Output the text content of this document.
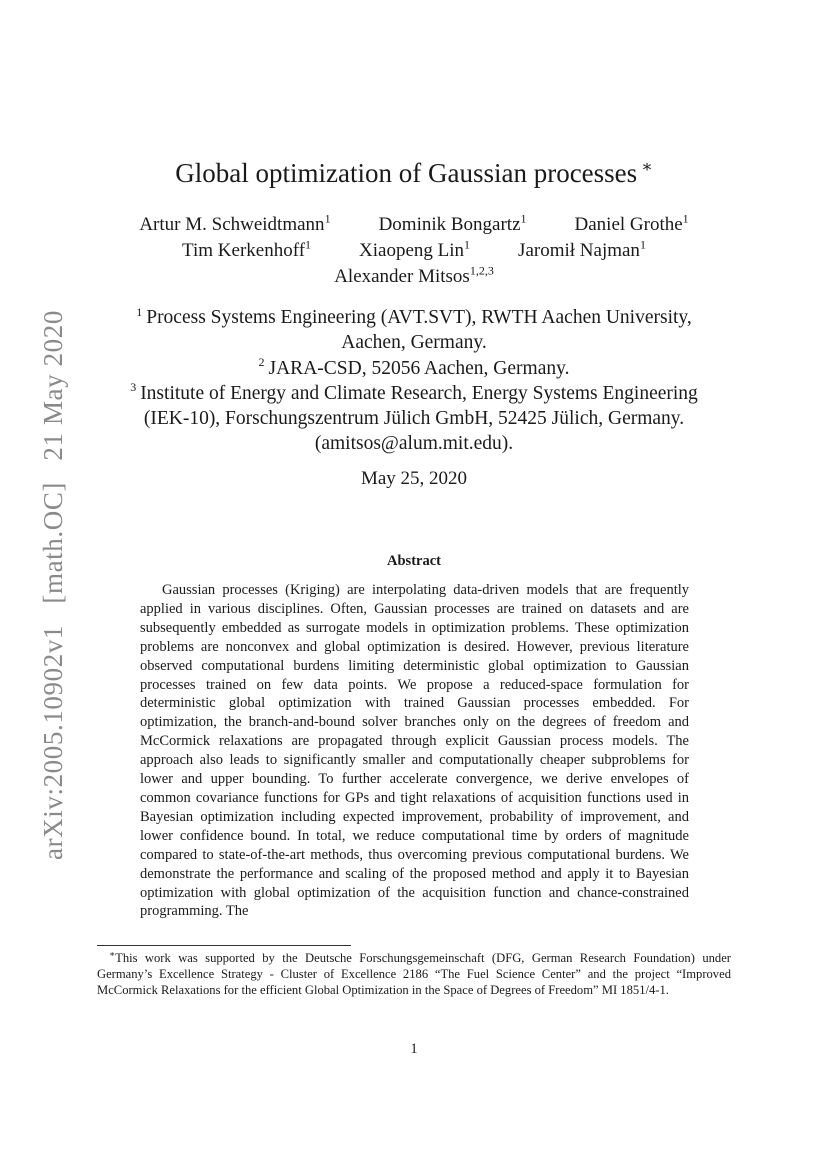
arXiv:2005.10902v1 [math.OC] 21 May 2020
Global optimization of Gaussian processes ∗
Artur M. Schweidtmann$^1$	Dominik Bongartz$^1$	Daniel Grothe$^1$
Tim Kerkenhoff$^1$	Xiaopeng Lin$^1$	Jaromił Najman$^1$
Alexander Mitsos$^{1,2,3}$
$^1$ Process Systems Engineering (AVT.SVT), RWTH Aachen University,
Aachen, Germany.
$^2$ JARA-CSD, 52056 Aachen, Germany.
$^3$ Institute of Energy and Climate Research, Energy Systems Engineering
(IEK-10), Forschungszentrum Jülich GmbH, 52425 Jülich, Germany.
(amitsos@alum.mit.edu).
May 25, 2020
Abstract

Gaussian processes (Kriging) are interpolating data-driven models that are frequently applied in various disciplines. Often, Gaussian processes are trained on datasets and are subsequently embedded as surrogate models in optimization problems. These optimization problems are nonconvex and global optimization is desired. However, previous literature observed computational burdens limiting deterministic global optimization to Gaussian processes trained on few data points. We propose a reduced-space formulation for deterministic global optimization with trained Gaussian processes embedded. For optimization, the branch-and-bound solver branches only on the degrees of freedom and McCormick relaxations are propagated through explicit Gaussian process models. The approach also leads to significantly smaller and computationally cheaper subproblems for lower and upper bounding. To further accelerate convergence, we derive envelopes of common covariance functions for GPs and tight relaxations of acquisition functions used in Bayesian optimization including expected improvement, probability of improvement, and lower confidence bound. In total, we reduce computational time by orders of magnitude compared to state-of-the-art methods, thus overcoming previous computational burdens. We demonstrate the performance and scaling of the proposed method and apply it to Bayesian optimization with global optimization of the acquisition function and chance-constrained programming. The

∗This work was supported by the Deutsche Forschungsgemeinschaft (DFG, German Research Foundation) under Germany’s Excellence Strategy - Cluster of Excellence 2186 “The Fuel Science Center” and the project “Improved McCormick Relaxations for the efficient Global Optimization in the Space of Degrees of Freedom” MI 1851/4-1.

1
